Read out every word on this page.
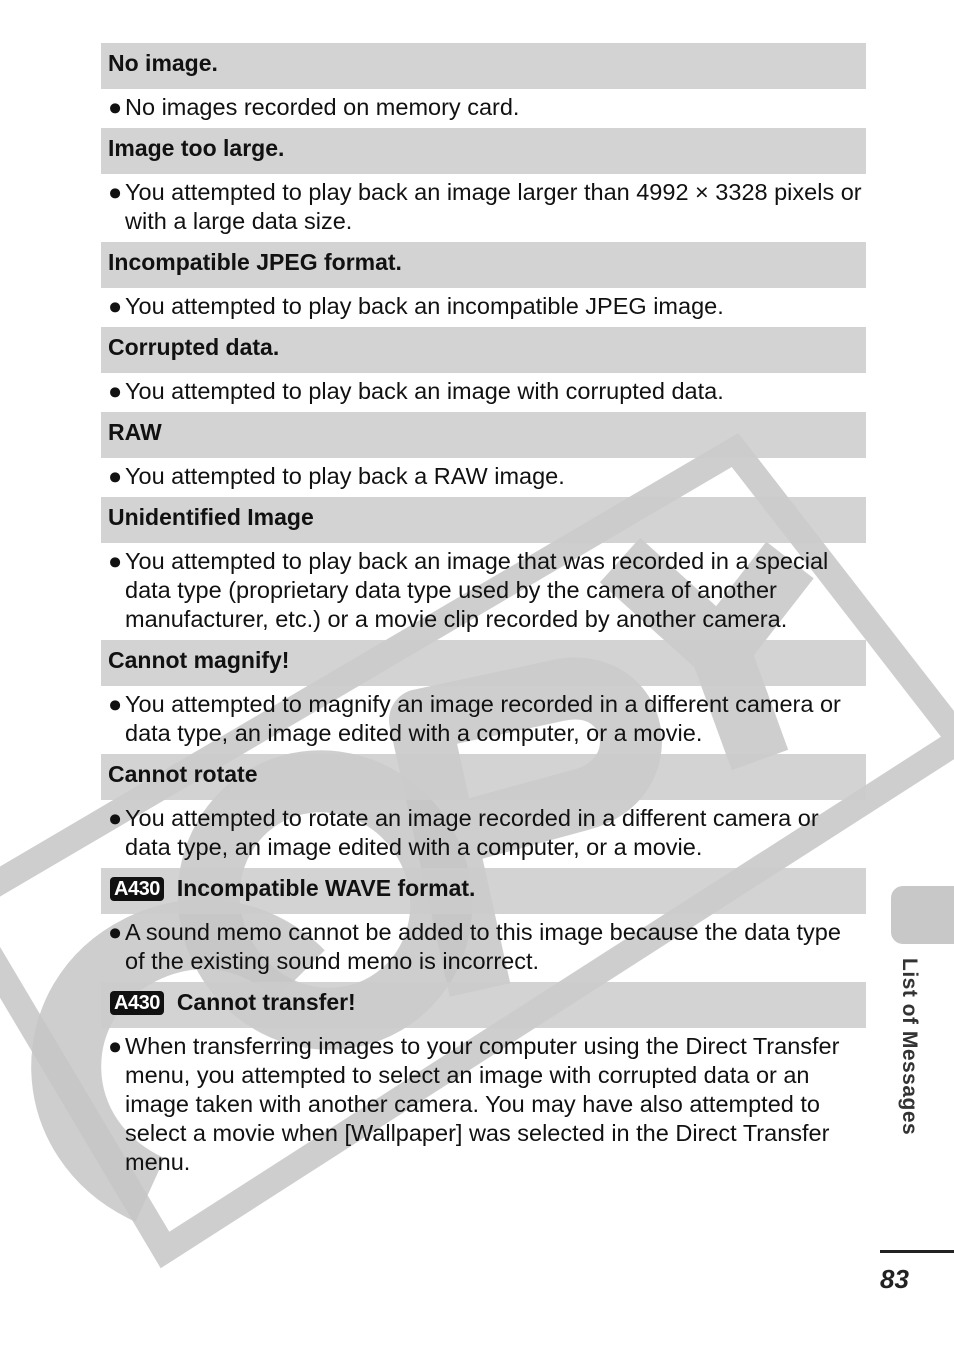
No image.
● No images recorded on memory card.
Image too large.
● You attempted to play back an image larger than 4992 × 3328 pixels or with a large data size.
Incompatible JPEG format.
● You attempted to play back an incompatible JPEG image.
Corrupted data.
● You attempted to play back an image with corrupted data.
RAW
● You attempted to play back a RAW image.
Unidentified Image
● You attempted to play back an image that was recorded in a special data type (proprietary data type used by the camera of another manufacturer, etc.) or a movie clip recorded by another camera.
Cannot magnify!
● You attempted to magnify an image recorded in a different camera or data type, an image edited with a computer, or a movie.
Cannot rotate
● You attempted to rotate an image recorded in a different camera or data type, an image edited with a computer, or a movie.
A430 Incompatible WAVE format.
● A sound memo cannot be added to this image because the data type of the existing sound memo is incorrect.
A430 Cannot transfer!
● When transferring images to your computer using the Direct Transfer menu, you attempted to select an image with corrupted data or an image taken with another camera. You may have also attempted to select a movie when [Wallpaper] was selected in the Direct Transfer menu.
List of Messages
83
